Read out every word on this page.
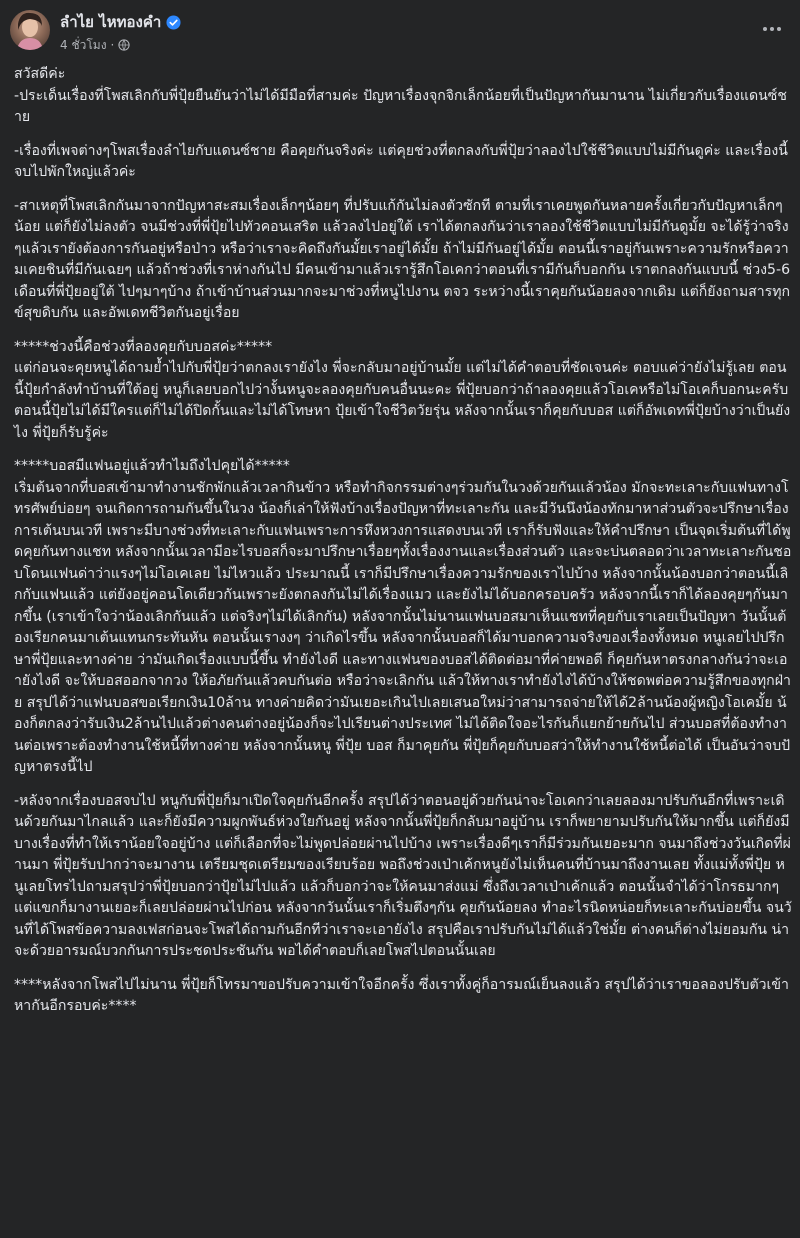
ลำไย ไหทองคำ
4 ชั่วโมง ·

สวัสดีค่ะ

-ประเด็นเรื่องที่โพสเลิกกับพี่ปุ้ยยืนยันว่าไม่ได้มีมือที่สามค่ะ ปัญหาเรื่องจุกจิกเล็กน้อยที่เป็นปัญหากันมานาน ไม่เกี่ยวกับเรื่องแดนซ์ชาย

-เรื่องที่เพจต่างๆโพสเรื่องลำไยกับแดนซ์ชาย คือคุยกันจริงค่ะ แต่คุยช่วงที่ตกลงกับพี่ปุ้ยว่าลองไปใช้ชีวิตแบบไม่มีกันดูค่ะ และเรื่องนี้จบไปพักใหญ่แล้วค่ะ

-สาเหตุที่โพสเลิกกันมาจากปัญหาสะสมเรื่องเล็กๆน้อยๆ ที่ปรับแก้กันไม่ลงตัวซักที ตามที่เราเคยพูดกันหลายครั้งเกี่ยวกับปัญหาเล็กๆน้อย แต่ก็ยังไม่ลงตัว จนมีช่วงที่พี่ปุ้ยไปทัวคอนเสริต แล้วลงไปอยู่ใต้ เราได้ตกลงกันว่าเราลองใช้ชีวิตแบบไม่มีกันดูมั้ย จะได้รู้ว่าจริงๆแล้วเรายังต้องการกันอยู่หรือป่าว หรือว่าเราจะคิดถึงกันมั้ยเราอยู่ได้มั้ย ถ้าไม่มีกันอยู่ได้มั้ย ตอนนี้เราอยู่กันเพราะความรักหรือความเคยชินที่มีกันเฉยๆ แล้วถ้าช่วงที่เราห่างกันไป มีคนเข้ามาแล้วเรารู้สึกโอเคกว่าตอนที่เรามีกันก็บอกกัน เราตกลงกันแบบนี้ ช่วง5-6เดือนที่พี่ปุ้ยอยู่ใต้ ไปๆมาๆบ้าง ถ้าเข้าบ้านส่วนมากจะมาช่วงที่หนูไปงาน ตจว ระหว่างนี้เราคุยกันน้อยลงจากเดิม แต่ก็ยังถามสารทุกข์สุขดิบกัน และอัพเดทชีวิตกันอยู่เรื่อย

*****ช่วงนี้คือช่วงที่ลองคุยกับบอสค่ะ*****

แต่ก่อนจะคุยหนูได้ถามย้ำไปกับพี่ปุ้ยว่าตกลงเรายังไง พี่จะกลับมาอยู่บ้านมั้ย แต่ไม่ได้คำตอบที่ชัดเจนค่ะ ตอบแค่ว่ายังไม่รู้เลย ตอนนี้ปุ้ยกำลังทำบ้านที่ใต้อยู่ หนูก็เลยบอกไปว่างั้นหนูจะลองคุยกับคนอื่นนะคะ พี่ปุ้ยบอกว่าถ้าลองคุยแล้วโอเคหรือไม่โอเคก็บอกนะครับ ตอนนี้ปุ้ยไม่ได้มีใครแต่ก็ไม่ได้ปิดกั้นและไม่ได้โทษหา ปุ้ยเข้าใจชีวิตวัยรุ่น หลังจากนั้นเราก็คุยกับบอส แต่ก็อัพเดทพี่ปุ้ยบ้างว่าเป็นยังไง พี่ปุ้ยก็รับรู้ค่ะ

*****บอสมีแฟนอยู่แล้วทำไมถึงไปคุยได้*****

เริ่มต้นจากที่บอสเข้ามาทำงานชักพักแล้วเวลากินข้าว หรือทำกิจกรรมต่างๆร่วมกันในวงด้วยกันแล้วน้อง มักจะทะเลาะกับแฟนทางโทรศัพย์บ่อยๆ จนเกิดการถามกันขึ้นในวง น้องก็เล่าให้ฟังบ้างเรื่องปัญหาที่ทะเลาะกัน และมีวันนึงน้องทักมาหาส่วนตัวจะปรึกษาเรื่องการเต้นบนเวที เพราะมีบางช่วงที่ทะเลาะกับแฟนเพราะการหึงหวงการแสดงบนเวที เราก็รับฟังและให้คำปรึกษา เป็นจุดเริ่มต้นที่ได้พูดคุยกันทางแชท หลังจากนั้นเวลามีอะไรบอสก็จะมาปรึกษาเรื่อยๆทั้งเรื่องงานและเรื่องส่วนตัว และจะบ่นตลอดว่าเวลาทะเลาะกันชอบโดนแฟนด่าว่าแรงๆไม่โอเคเลย ไม่ไหวแล้ว ประมาณนี้ เราก็มีปรึกษาเรื่องความรักของเราไปบ้าง หลังจากนั้นน้องบอกว่าตอนนี้เลิกกับแฟนแล้ว แต่ยังอยู่คอนโดเดียวกันเพราะยังตกลงกันไม่ได้เรื่องแมว และยังไม่ได้บอกครอบครัว หลังจากนี้เราก็ได้ลองคุยๆกันมากขึ้น (เราเข้าใจว่าน้องเลิกกันแล้ว แต่จริงๆไม่ได้เลิกกัน) หลังจากนั้นไม่นานแฟนบอสมาเห็นแชทที่คุยกับเราเลยเป็นปัญหา วันนั้นต้องเรียกคนมาเต้นแทนกระทันหัน ตอนนั้นเรางงๆ ว่าเกิดไรขึ้น หลังจากนั้นบอสก็ได้มาบอกความจริงของเรื่องทั้งหมด หนูเลยไปปรึกษาพี่ปุ้ยและทางค่าย ว่ามันเกิดเรื่องแบบนี้ขึ้น ทำยังไงดี และทางแฟนของบอสได้ติดต่อมาที่ค่ายพอดี ก็คุยกันหาตรงกลางกันว่าจะเอายังไงดี จะให้บอสออกจากวง ให้อภัยกันแล้วคบกันต่อ หรือว่าจะเลิกกัน แล้วให้ทางเราทำยังไงได้บ้างให้ชดพต่อความรู้สึกของทุกฝ่าย สรุปได้ว่าแฟนบอสขอเรียกเงิน10ล้าน ทางค่ายคิดว่ามันเยอะเกินไปเลยเสนอใหม่ว่าสามารถจ่ายให้ได้2ล้านน้องผู้หญิงโอเคมั้ย น้องก็ตกลงว่ารับเงิน2ล้านไปแล้วต่างคนต่างอยู่น้องก็จะไปเรียนต่างประเทศ ไม่ได้ติดใจอะไรกันก็แยกย้ายกันไป ส่วนบอสที่ต้องทำงานต่อเพราะต้องทำงานใช้หนี้ที่ทางค่าย หลังจากนั้นหนู พี่ปุ้ย บอส ก็มาคุยกัน พี่ปุ้ยก็คุยกับบอสว่าให้ทำงานใช้หนี้ต่อได้ เป็นอันว่าจบปัญหาตรงนี้ไป

-หลังจากเรื่องบอสจบไป หนูกับพี่ปุ้ยก็มาเปิดใจคุยกันอีกครั้ง สรุปได้ว่าตอนอยู่ด้วยกันน่าจะโอเคกว่าเลยลองมาปรับกันอีกที่เพราะเดินด้วยกันมาไกลแล้ว และก็ยังมีความผูกพันธ์ห่วงใยกันอยู่ หลังจากนั้นพี่ปุ้ยก็กลับมาอยู่บ้าน เราก็พยายามปรับกันให้มากขึ้น แต่ก็ยังมีบางเรื่องที่ทำให้เราน้อยใจอยู่บ้าง แต่ก็เลือกที่จะไม่พูดปล่อยผ่านไปบ้าง เพราะเรื่องดีๆเราก็มีร่วมกันเยอะมาก จนมาถึงช่วงวันเกิดที่ผ่านมา พี่ปุ้ยรับปากว่าจะมางาน เตรียมชุดเตรียมของเรียบร้อย พอถึงช่วงเป่าเค้กหนูยังไม่เห็นคนที่บ้านมาถึงงานเลย ทั้งแม่ทั้งพี่ปุ้ย หนูเลยโทรไปถามสรุปว่าพี่ปุ้ยบอกว่าปุ้ยไม่ไปแล้ว แล้วก็บอกว่าจะให้คนมาส่งแม่ ซึ่งถึงเวลาเป่าเค้กแล้ว ตอนนั้นจำได้ว่าโกรธมากๆ แต่แขกก็มางานเยอะก็เลยปล่อยผ่านไปก่อน หลังจากวันนั้นเราก็เริ่มตึงๆกัน คุยกันน้อยลง ทำอะไรนิดหน่อยก็ทะเลาะกันบ่อยขึ้น จนวันที่ได้โพสข้อความลงเฟสก่อนจะโพสได้ถามกันอีกทีว่าเราจะเอายังไง สรุปคือเราปรับกันไม่ได้แล้วใช่มั้ย ต่างคนก็ต่างไม่ยอมกัน น่าจะด้วยอารมณ์บวกกันการประชดประชันกัน พอได้คำตอบก็เลยโพสไปตอนนั้นเลย

****หลังจากโพสไปไม่นาน พี่ปุ้ยก็โทรมาขอปรับความเข้าใจอีกครั้ง ซึ่งเราทั้งคู่ก็อารมณ์เย็นลงแล้ว สรุปได้ว่าเราขอลองปรับตัวเข้าหากันอีกรอบค่ะ****
